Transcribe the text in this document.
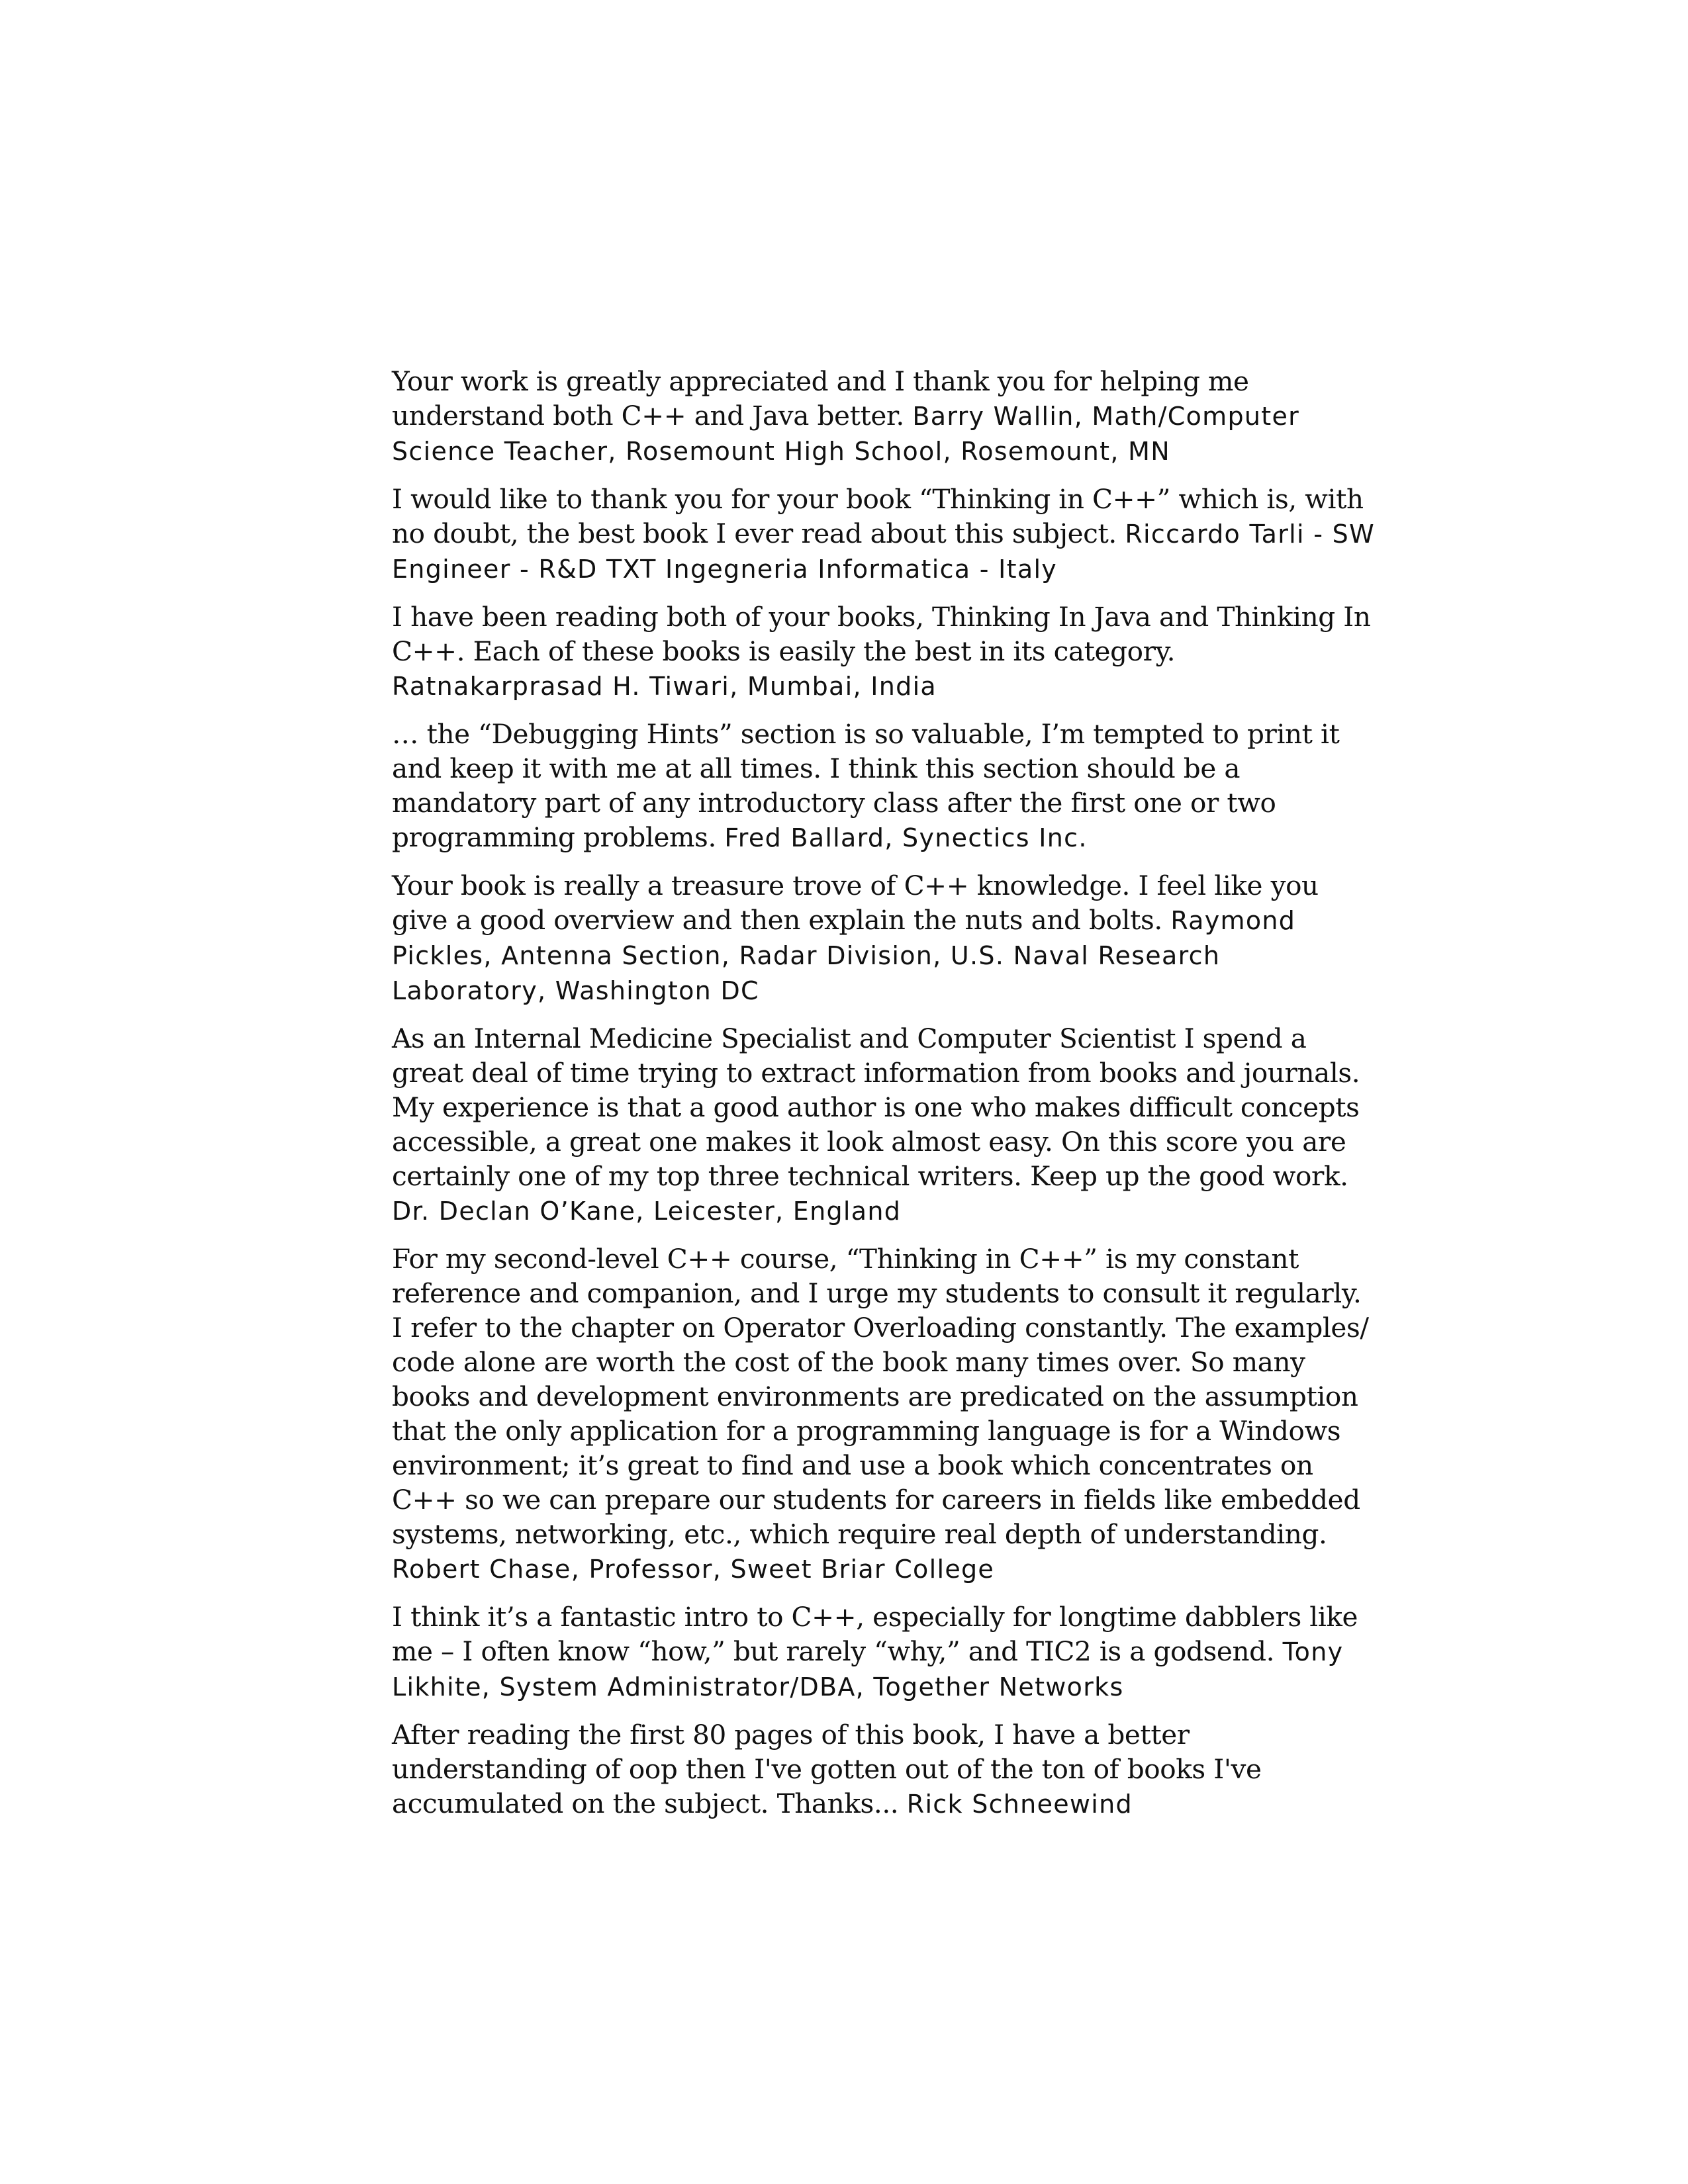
Your work is greatly appreciated and I thank you for helping me understand both C++ and Java better. Barry Wallin, Math/Computer Science Teacher, Rosemount High School, Rosemount, MN

I would like to thank you for your book “Thinking in C++” which is, with no doubt, the best book I ever read about this subject. Riccardo Tarli - SW Engineer - R&D TXT Ingegneria Informatica - Italy

I have been reading both of your books, Thinking In Java and Thinking In C++. Each of these books is easily the best in its category. Ratnakarprasad H. Tiwari, Mumbai, India

… the “Debugging Hints” section is so valuable, I’m tempted to print it and keep it with me at all times. I think this section should be a mandatory part of any introductory class after the first one or two programming problems. Fred Ballard, Synectics Inc.

Your book is really a treasure trove of C++ knowledge. I feel like you give a good overview and then explain the nuts and bolts. Raymond Pickles, Antenna Section, Radar Division, U.S. Naval Research Laboratory, Washington DC

As an Internal Medicine Specialist and Computer Scientist I spend a great deal of time trying to extract information from books and journals. My experience is that a good author is one who makes difficult concepts accessible, a great one makes it look almost easy. On this score you are certainly one of my top three technical writers. Keep up the good work. Dr. Declan O’Kane, Leicester, England

For my second-level C++ course, “Thinking in C++” is my constant reference and companion, and I urge my students to consult it regularly. I refer to the chapter on Operator Overloading constantly. The examples/ code alone are worth the cost of the book many times over. So many books and development environments are predicated on the assumption that the only application for a programming language is for a Windows environment; it’s great to find and use a book which concentrates on C++ so we can prepare our students for careers in fields like embedded systems, networking, etc., which require real depth of understanding. Robert Chase, Professor, Sweet Briar College

I think it’s a fantastic intro to C++, especially for longtime dabblers like me – I often know “how,” but rarely “why,” and TIC2 is a godsend. Tony Likhite, System Administrator/DBA, Together Networks

After reading the first 80 pages of this book, I have a better understanding of oop then I've gotten out of the ton of books I've accumulated on the subject. Thanks... Rick Schneewind
